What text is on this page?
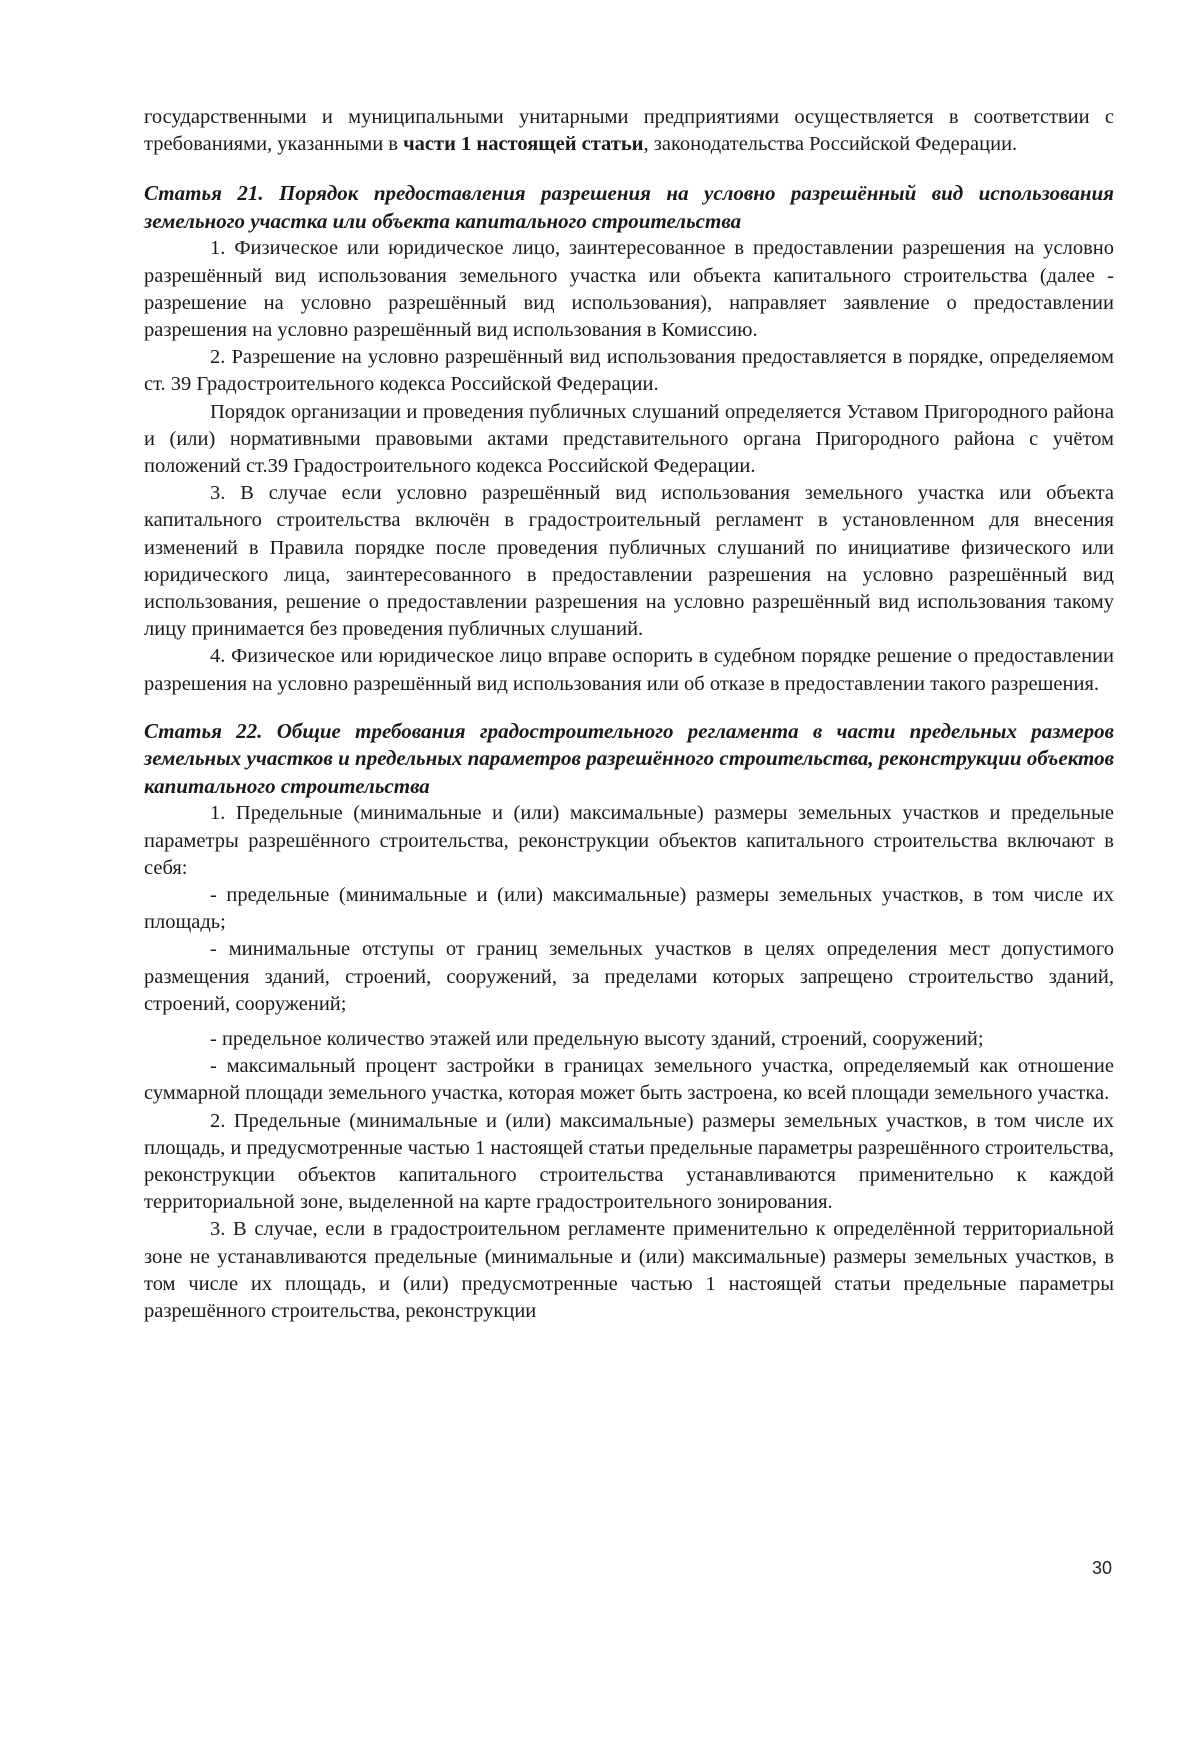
государственными и муниципальными унитарными предприятиями осуществляется в соответствии с требованиями, указанными в части 1 настоящей статьи, законодательства Российской Федерации.

Статья 21. Порядок предоставления разрешения на условно разрешённый вид использования земельного участка или объекта капитального строительства

1. Физическое или юридическое лицо, заинтересованное в предоставлении разрешения на условно разрешённый вид использования земельного участка или объекта капитального строительства (далее - разрешение на условно разрешённый вид использования), направляет заявление о предоставлении разрешения на условно разрешённый вид использования в Комиссию.

2. Разрешение на условно разрешённый вид использования предоставляется в порядке, определяемом ст. 39 Градостроительного кодекса Российской Федерации.

Порядок организации и проведения публичных слушаний определяется Уставом Пригородного района и (или) нормативными правовыми актами представительного органа Пригородного района с учётом положений ст.39 Градостроительного кодекса Российской Федерации.

3. В случае если условно разрешённый вид использования земельного участка или объекта капитального строительства включён в градостроительный регламент в установленном для внесения изменений в Правила порядке после проведения публичных слушаний по инициативе физического или юридического лица, заинтересованного в предоставлении разрешения на условно разрешённый вид использования, решение о предоставлении разрешения на условно разрешённый вид использования такому лицу принимается без проведения публичных слушаний.

4. Физическое или юридическое лицо вправе оспорить в судебном порядке решение о предоставлении разрешения на условно разрешённый вид использования или об отказе в предоставлении такого разрешения.

Статья 22. Общие требования градостроительного регламента в части предельных размеров земельных участков и предельных параметров разрешённого строительства, реконструкции объектов капитального строительства

1. Предельные (минимальные и (или) максимальные) размеры земельных участков и предельные параметры разрешённого строительства, реконструкции объектов капитального строительства включают в себя:

- предельные (минимальные и (или) максимальные) размеры земельных участков, в том числе их площадь;

- минимальные отступы от границ земельных участков в целях определения мест допустимого размещения зданий, строений, сооружений, за пределами которых запрещено строительство зданий, строений, сооружений;

- предельное количество этажей или предельную высоту зданий, строений, сооружений;

- максимальный процент застройки в границах земельного участка, определяемый как отношение суммарной площади земельного участка, которая может быть застроена, ко всей площади земельного участка.

2. Предельные (минимальные и (или) максимальные) размеры земельных участков, в том числе их площадь, и предусмотренные частью 1 настоящей статьи предельные параметры разрешённого строительства, реконструкции объектов капитального строительства устанавливаются применительно к каждой территориальной зоне, выделенной на карте градостроительного зонирования.

3. В случае, если в градостроительном регламенте применительно к определённой территориальной зоне не устанавливаются предельные (минимальные и (или) максимальные) размеры земельных участков, в том числе их площадь, и (или) предусмотренные частью 1 настоящей статьи предельные параметры разрешённого строительства, реконструкции

30
